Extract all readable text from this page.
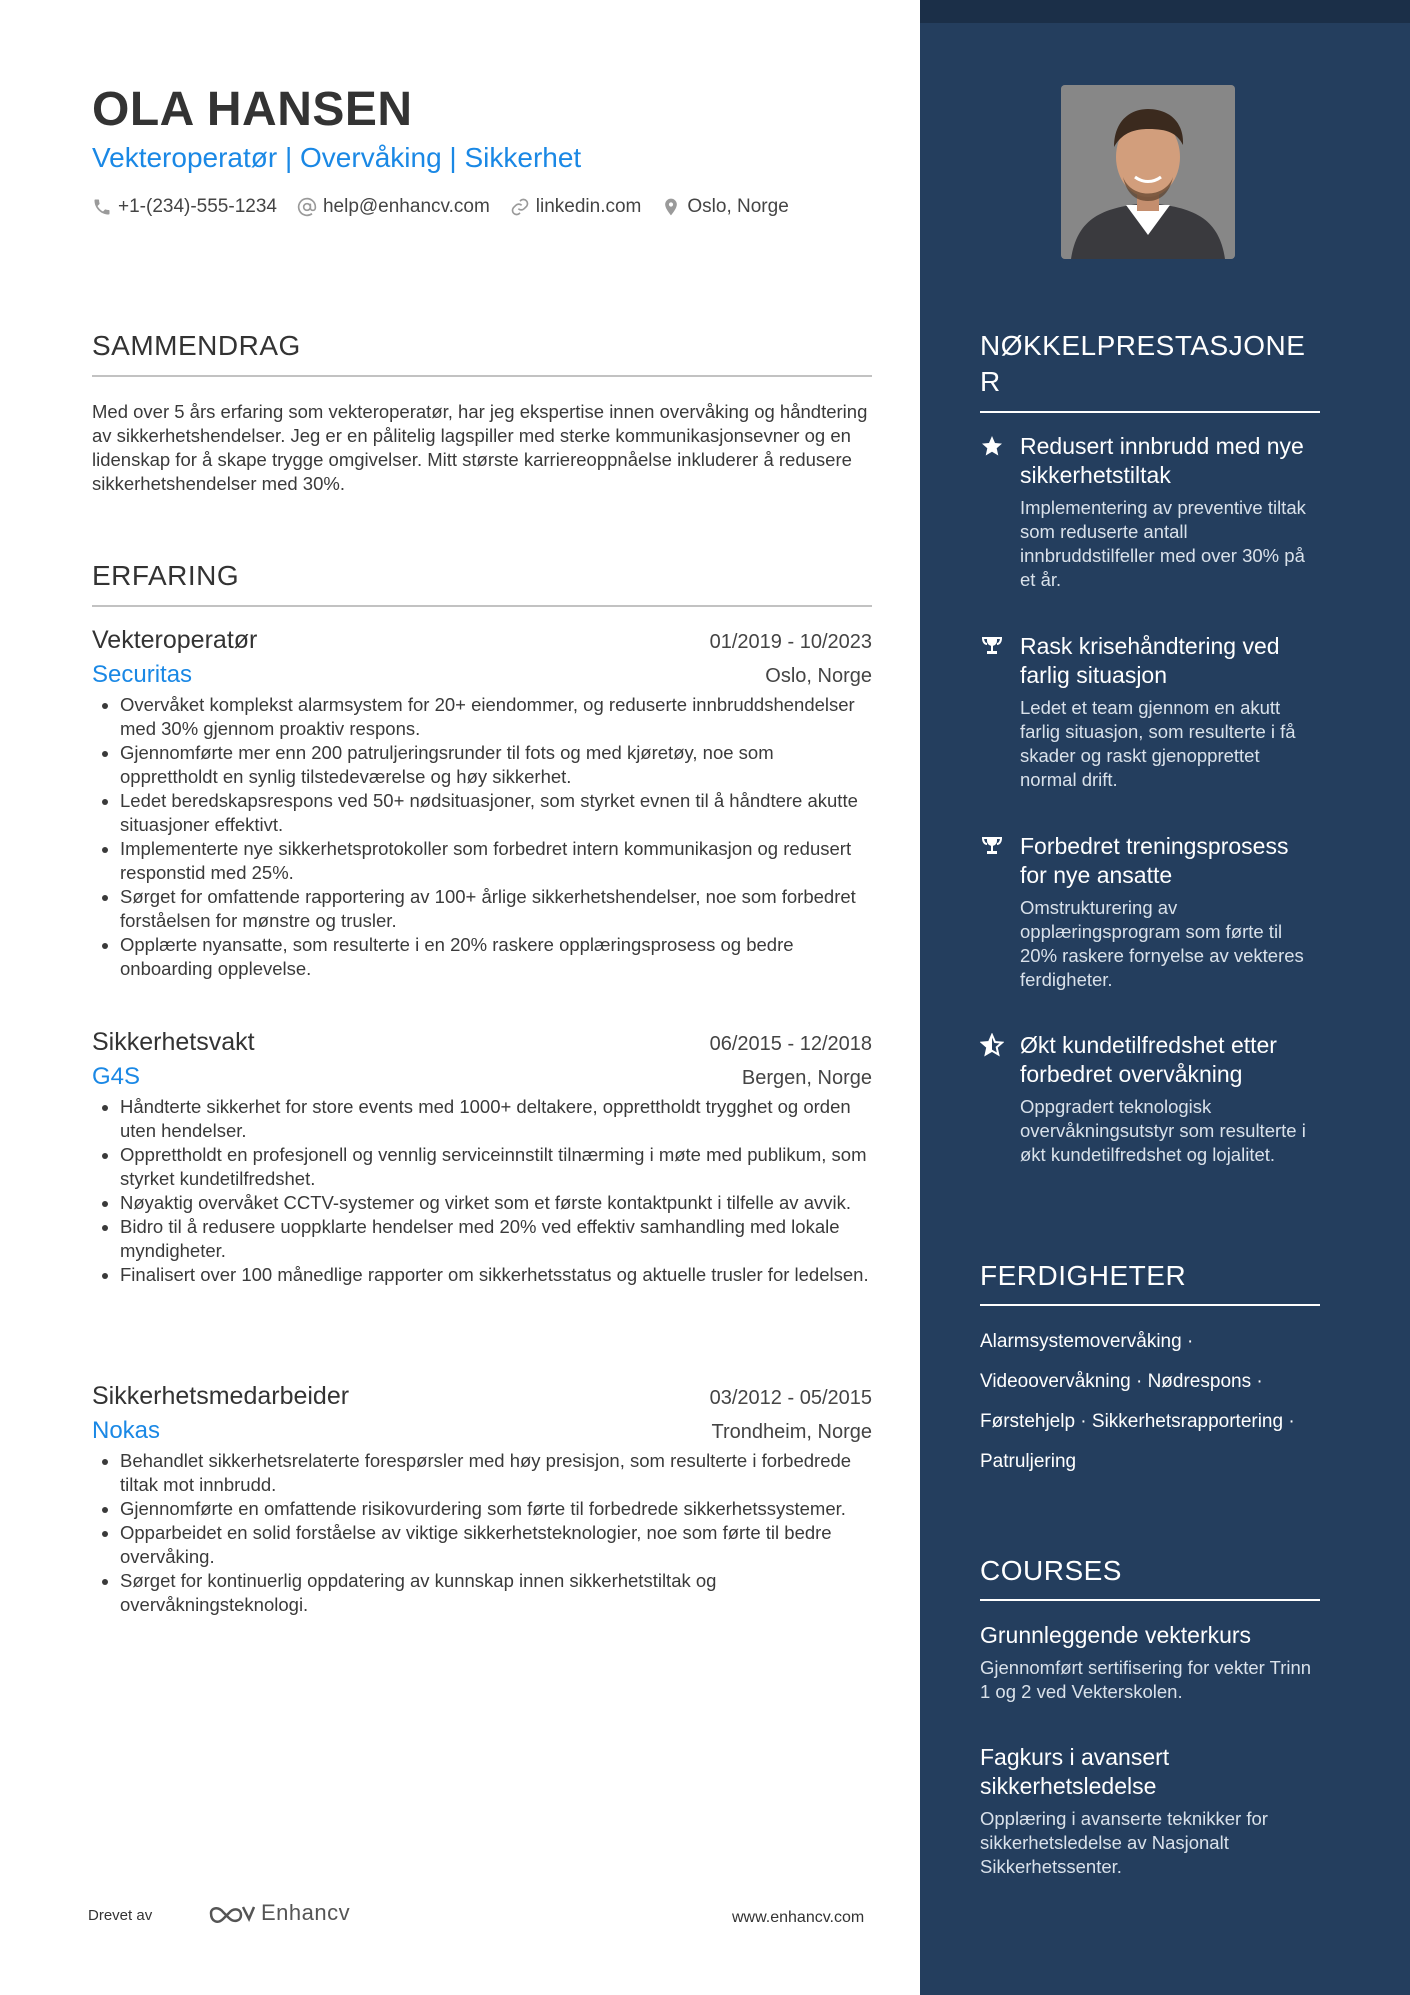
OLA HANSEN
Vekteroperatør | Overvåking | Sikkerhet
+1-(234)-555-1234 help@enhancv.com linkedin.com Oslo, Norge
SAMMENDRAG
Med over 5 års erfaring som vekteroperatør, har jeg ekspertise innen overvåking og håndtering av sikkerhetshendelser. Jeg er en pålitelig lagspiller med sterke kommunikasjonsevner og en lidenskap for å skape trygge omgivelser. Mitt største karriereoppnåelse inkluderer å redusere sikkerhetshendelser med 30%.
ERFARING
Vekteroperatør	01/2019 - 10/2023
Securitas	Oslo, Norge
• Overvåket komplekst alarmsystem for 20+ eiendommer, og reduserte innbruddshendelser med 30% gjennom proaktiv respons.
• Gjennomførte mer enn 200 patruljeringsrunder til fots og med kjøretøy, noe som opprettholdt en synlig tilstedeværelse og høy sikkerhet.
• Ledet beredskapsrespons ved 50+ nødsituasjoner, som styrket evnen til å håndtere akutte situasjoner effektivt.
• Implementerte nye sikkerhetsprotokoller som forbedret intern kommunikasjon og redusert responstid med 25%.
• Sørget for omfattende rapportering av 100+ årlige sikkerhetshendelser, noe som forbedret forståelsen for mønstre og trusler.
• Opplærte nyansatte, som resulterte i en 20% raskere opplæringsprosess og bedre onboarding opplevelse.
Sikkerhetsvakt	06/2015 - 12/2018
G4S	Bergen, Norge
• Håndterte sikkerhet for store events med 1000+ deltakere, opprettholdt trygghet og orden uten hendelser.
• Opprettholdt en profesjonell og vennlig serviceinnstilt tilnærming i møte med publikum, som styrket kundetilfredshet.
• Nøyaktig overvåket CCTV-systemer og virket som et første kontaktpunkt i tilfelle av avvik.
• Bidro til å redusere uoppklarte hendelser med 20% ved effektiv samhandling med lokale myndigheter.
• Finalisert over 100 månedlige rapporter om sikkerhetsstatus og aktuelle trusler for ledelsen.
Sikkerhetsmedarbeider	03/2012 - 05/2015
Nokas	Trondheim, Norge
• Behandlet sikkerhetsrelaterte forespørsler med høy presisjon, som resulterte i forbedrede tiltak mot innbrudd.
• Gjennomførte en omfattende risikovurdering som førte til forbedrede sikkerhetssystemer.
• Opparbeidet en solid forståelse av viktige sikkerhetsteknologier, noe som førte til bedre overvåking.
• Sørget for kontinuerlig oppdatering av kunnskap innen sikkerhetstiltak og overvåkningsteknologi.
Drevet av	Enhancv	www.enhancv.com
NØKKELPRESTASJONE
R
Redusert innbrudd med nye sikkerhetstiltak
Implementering av preventive tiltak som reduserte antall innbruddstilfeller med over 30% på et år.
Rask krisehåndtering ved farlig situasjon
Ledet et team gjennom en akutt farlig situasjon, som resulterte i få skader og raskt gjenopprettet normal drift.
Forbedret treningsprosess for nye ansatte
Omstrukturering av opplæringsprogram som førte til 20% raskere fornyelse av vekteres ferdigheter.
Økt kundetilfredshet etter forbedret overvåkning
Oppgradert teknologisk overvåkningsutstyr som resulterte i økt kundetilfredshet og lojalitet.
FERDIGHETER
Alarmsystemovervåking ·
Videoovervåkning · Nødrespons ·
Førstehjelp · Sikkerhetsrapportering ·
Patruljering
COURSES
Grunnleggende vekterkurs
Gjennomført sertifisering for vekter Trinn 1 og 2 ved Vekterskolen.
Fagkurs i avansert sikkerhetsledelse
Opplæring i avanserte teknikker for sikkerhetsledelse av Nasjonalt Sikkerhetssenter.
